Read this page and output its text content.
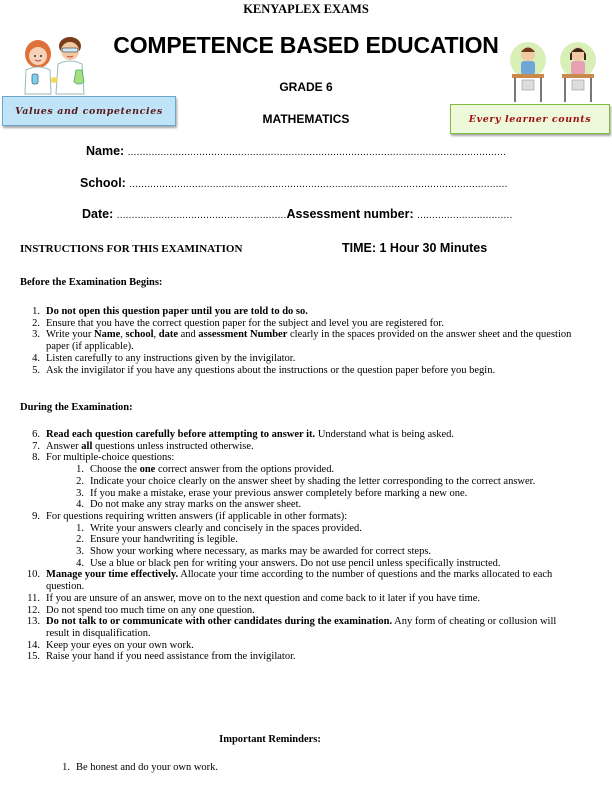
KENYAPLEX EXAMS
COMPETENCE BASED EDUCATION
GRADE 6
MATHEMATICS
Values and competencies
Every learner counts
Name: ...............................................................................................................................
School: ...............................................................................................................................
Date: .........................................................Assessment number: ................................
INSTRUCTIONS FOR THIS EXAMINATION	TIME: 1 Hour 30 Minutes
Before the Examination Begins:
1. Do not open this question paper until you are told to do so.
2. Ensure that you have the correct question paper for the subject and level you are registered for.
3. Write your Name, school, date and assessment Number clearly in the spaces provided on the answer sheet and the question paper (if applicable).
4. Listen carefully to any instructions given by the invigilator.
5. Ask the invigilator if you have any questions about the instructions or the question paper before you begin.
During the Examination:
6. Read each question carefully before attempting to answer it. Understand what is being asked.
7. Answer all questions unless instructed otherwise.
8. For multiple-choice questions:
1. Choose the one correct answer from the options provided.
2. Indicate your choice clearly on the answer sheet by shading the letter corresponding to the correct answer.
3. If you make a mistake, erase your previous answer completely before marking a new one.
4. Do not make any stray marks on the answer sheet.
9. For questions requiring written answers (if applicable in other formats):
1. Write your answers clearly and concisely in the spaces provided.
2. Ensure your handwriting is legible.
3. Show your working where necessary, as marks may be awarded for correct steps.
4. Use a blue or black pen for writing your answers. Do not use pencil unless specifically instructed.
10. Manage your time effectively. Allocate your time according to the number of questions and the marks allocated to each question.
11. If you are unsure of an answer, move on to the next question and come back to it later if you have time.
12. Do not spend too much time on any one question.
13. Do not talk to or communicate with other candidates during the examination. Any form of cheating or collusion will result in disqualification.
14. Keep your eyes on your own work.
15. Raise your hand if you need assistance from the invigilator.
Important Reminders:
1. Be honest and do your own work.
